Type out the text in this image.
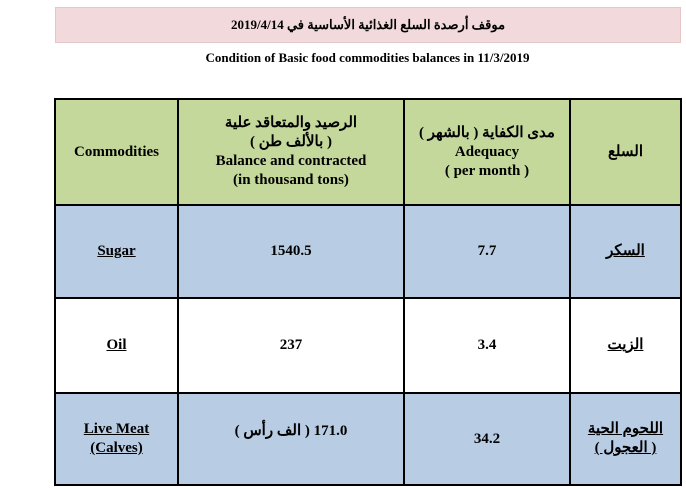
موقف أرصدة السلع الغذائية الأساسية في 2019/4/14
Condition of Basic food commodities balances in 11/3/2019
Commodities	الرصيد والمتعاقد علية
( بالألف طن )
Balance and contracted
(in thousand tons)	مدى الكفاية ( بالشهر )
Adequacy
( per month )	السلع
Sugar	1540.5	7.7	السكر
Oil	237	3.4	الزيت

Live Meat
(Calves)	171.0 ( الف رأس )	34.2	اللحوم الحية
( العجول )
